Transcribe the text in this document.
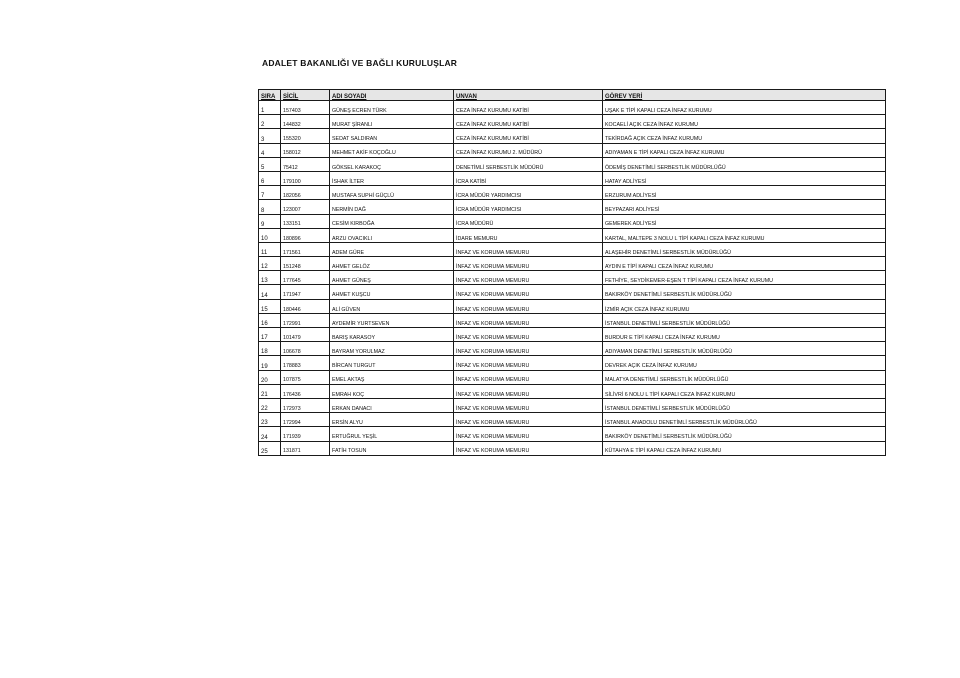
ADALET BAKANLIĞI VE BAĞLI KURULUŞLAR
SIRA	SİCİL	ADI SOYADI	UNVAN	GÖREV YERİ
1	157403	GÜNEŞ ECREN TÜRK	CEZA İNFAZ KURUMU KATİBİ	UŞAK E TİPİ KAPALI CEZA İNFAZ KURUMU
2	144832	MURAT ŞİRANLI	CEZA İNFAZ KURUMU KATİBİ	KOCAELİ AÇIK CEZA İNFAZ KURUMU
3	155320	SEDAT SALDIRAN	CEZA İNFAZ KURUMU KATİBİ	TEKİRDAĞ AÇIK CEZA İNFAZ KURUMU
4	158012	MEHMET AKİF KOÇOĞLU	CEZA İNFAZ KURUMU 2. MÜDÜRÜ	ADIYAMAN E TİPİ KAPALI CEZA İNFAZ KURUMU
5	75412	GÖKSEL KARAKOÇ	DENETİMLİ SERBESTLİK MÜDÜRÜ	ÖDEMİŞ DENETİMLİ SERBESTLİK MÜDÜRLÜĞÜ
6	179100	İSHAK İLTER	İCRA KATİBİ	HATAY ADLİYESİ
7	182056	MUSTAFA SUPHİ GÜÇLÜ	İCRA MÜDÜR YARDIMCISI	ERZURUM ADLİYESİ
8	123007	NERMİN DAĞ	İCRA MÜDÜR YARDIMCISI	BEYPAZARI ADLİYESİ
9	133151	CESİM KIRBOĞA	İCRA MÜDÜRÜ	GEMEREK ADLİYESİ
10	180896	ARZU OVACIKLI	İDARE MEMURU	KARTAL, MALTEPE 3 NOLU L TİPİ KAPALI CEZA İNFAZ KURUMU
11	171561	ADEM GÜRE	İNFAZ VE KORUMA MEMURU	ALAŞEHİR DENETİMLİ SERBESTLİK MÜDÜRLÜĞÜ
12	151248	AHMET GELÖZ	İNFAZ VE KORUMA MEMURU	AYDIN E TİPİ KAPALI CEZA İNFAZ KURUMU
13	177645	AHMET GÜNEŞ	İNFAZ VE KORUMA MEMURU	FETHİYE, SEYDİKEMER-EŞEN T TİPİ KAPALI CEZA İNFAZ KURUMU
14	171947	AHMET KUŞCU	İNFAZ VE KORUMA MEMURU	BAKIRKÖY DENETİMLİ SERBESTLİK MÜDÜRLÜĞÜ
15	180446	ALİ GÜVEN	İNFAZ VE KORUMA MEMURU	İZMİR AÇIK CEZA İNFAZ KURUMU
16	172991	AYDEMİR YURTSEVEN	İNFAZ VE KORUMA MEMURU	İSTANBUL DENETİMLİ SERBESTLİK MÜDÜRLÜĞÜ
17	101479	BARIŞ KARASOY	İNFAZ VE KORUMA MEMURU	BURDUR E TİPİ KAPALI CEZA İNFAZ KURUMU
18	106678	BAYRAM YORULMAZ	İNFAZ VE KORUMA MEMURU	ADIYAMAN DENETİMLİ SERBESTLİK MÜDÜRLÜĞÜ
19	178883	BİRCAN TURGUT	İNFAZ VE KORUMA MEMURU	DEVREK AÇIK CEZA İNFAZ KURUMU
20	107875	EMEL AKTAŞ	İNFAZ VE KORUMA MEMURU	MALATYA DENETİMLİ SERBESTLİK MÜDÜRLÜĞÜ
21	176436	EMRAH KOÇ	İNFAZ VE KORUMA MEMURU	SİLİVRİ 6 NOLU L TİPİ KAPALI CEZA İNFAZ KURUMU
22	172973	ERKAN DANACI	İNFAZ VE KORUMA MEMURU	İSTANBUL DENETİMLİ SERBESTLİK MÜDÜRLÜĞÜ
23	172994	ERSİN ALYU	İNFAZ VE KORUMA MEMURU	İSTANBUL ANADOLU DENETİMLİ SERBESTLİK MÜDÜRLÜĞÜ
24	171939	ERTUĞRUL YEŞİL	İNFAZ VE KORUMA MEMURU	BAKIRKÖY DENETİMLİ SERBESTLİK MÜDÜRLÜĞÜ
25	131871	FATİH TOSUN	İNFAZ VE KORUMA MEMURU	KÜTAHYA E TİPİ KAPALI CEZA İNFAZ KURUMU
